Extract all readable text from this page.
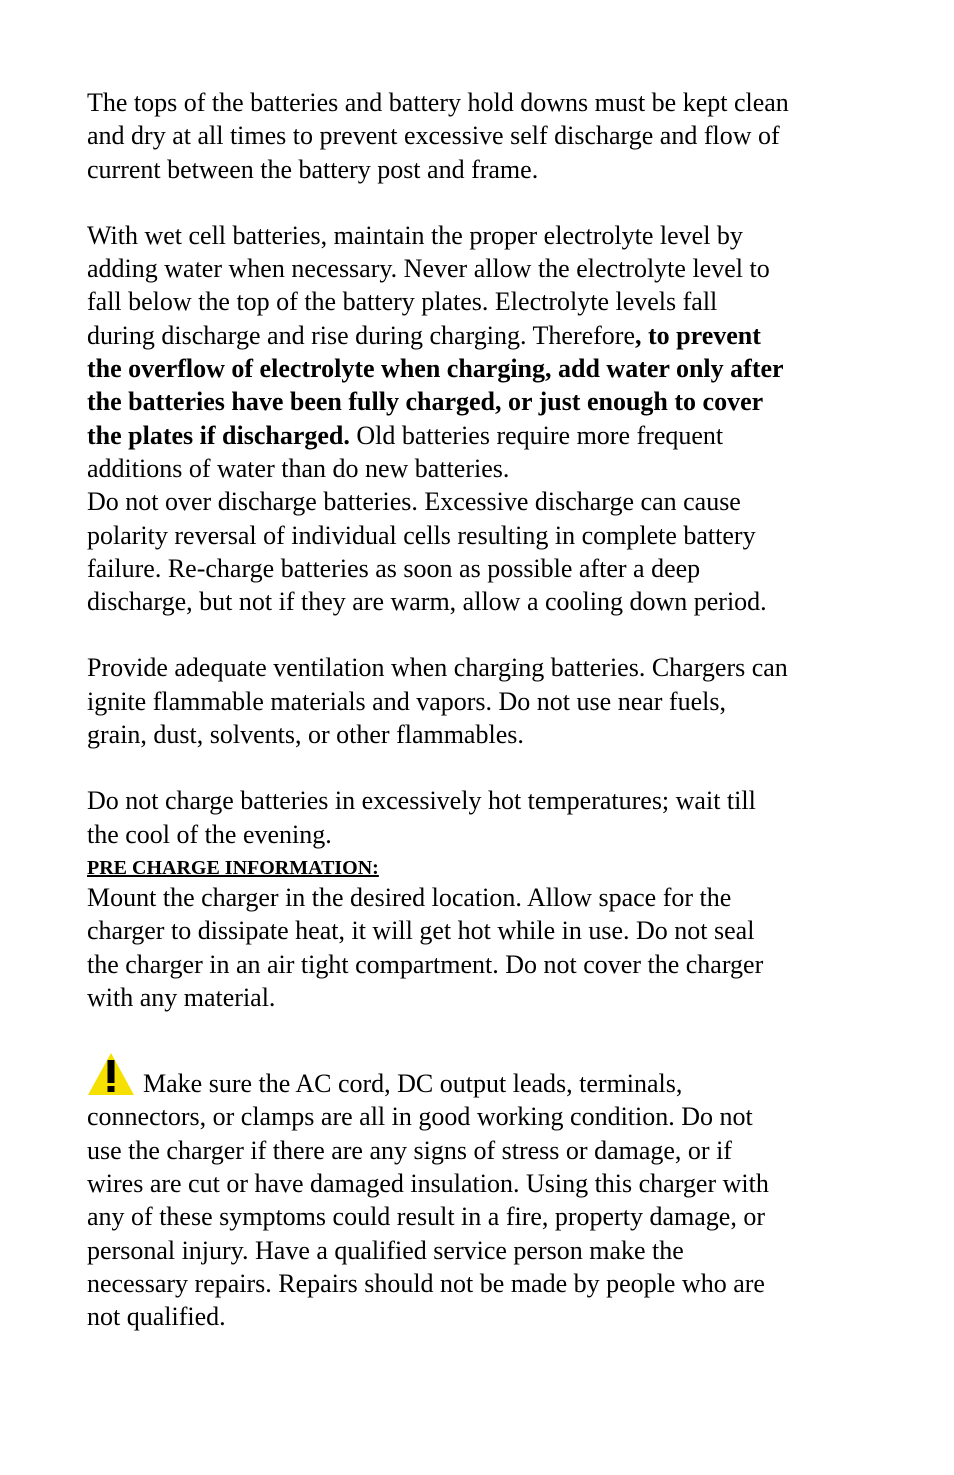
The tops of the batteries and battery hold downs must be kept clean
and dry at all times to prevent excessive self discharge and flow of
current between the battery post and frame.

With wet cell batteries, maintain the proper electrolyte level by
adding water when necessary. Never allow the electrolyte level to
fall below the top of the battery plates. Electrolyte levels fall
during discharge and rise during charging. Therefore, to prevent
the overflow of electrolyte when charging, add water only after
the batteries have been fully charged, or just enough to cover
the plates if discharged. Old batteries require more frequent
additions of water than do new batteries.

Do not over discharge batteries. Excessive discharge can cause
polarity reversal of individual cells resulting in complete battery
failure. Re-charge batteries as soon as possible after a deep
discharge, but not if they are warm, allow a cooling down period.

Provide adequate ventilation when charging batteries. Chargers can
ignite flammable materials and vapors. Do not use near fuels,
grain, dust, solvents, or other flammables.

Do not charge batteries in excessively hot temperatures; wait till
the cool of the evening.

PRE CHARGE INFORMATION:

Mount the charger in the desired location. Allow space for the
charger to dissipate heat, it will get hot while in use. Do not seal
the charger in an air tight compartment. Do not cover the charger
with any material.

Make sure the AC cord, DC output leads, terminals,
connectors, or clamps are all in good working condition. Do not
use the charger if there are any signs of stress or damage, or if
wires are cut or have damaged insulation. Using this charger with
any of these symptoms could result in a fire, property damage, or
personal injury. Have a qualified service person make the
necessary repairs. Repairs should not be made by people who are
not qualified.
